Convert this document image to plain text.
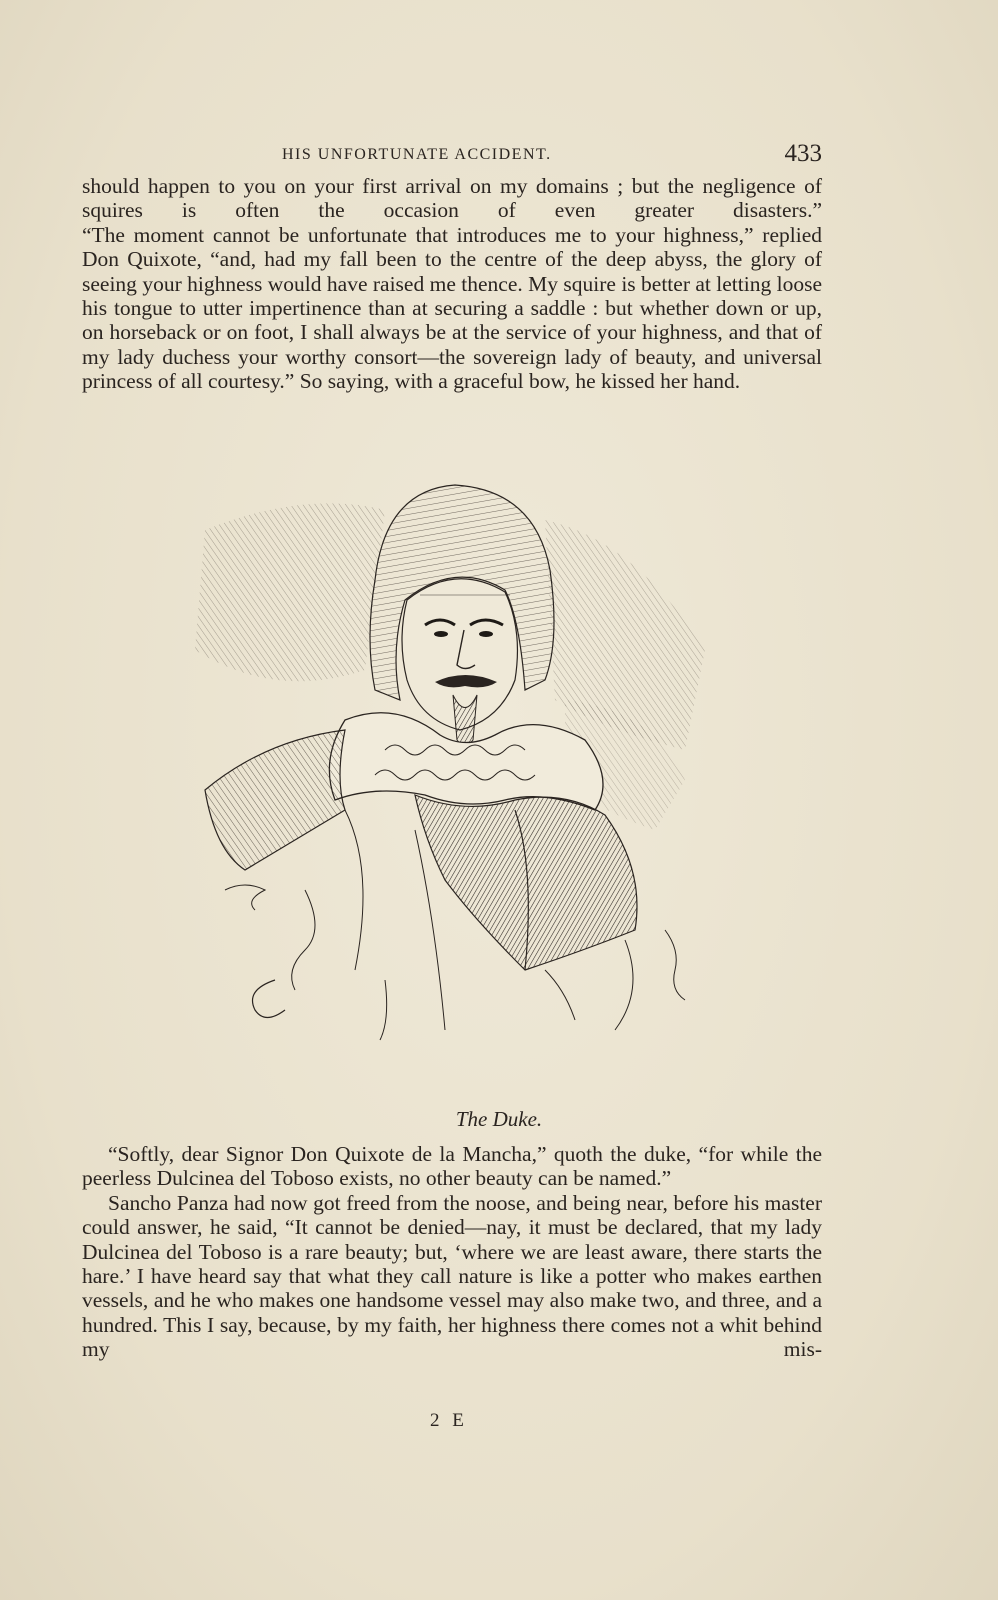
HIS UNFORTUNATE ACCIDENT.	433

should happen to you on your first arrival on my domains ; but the negligence of squires is often the occasion of even greater disasters.”

“The moment cannot be unfortunate that introduces me to your highness,” replied Don Quixote, “and, had my fall been to the centre of the deep abyss, the glory of seeing your highness would have raised me thence. My squire is better at letting loose his tongue to utter impertinence than at securing a saddle : but whether down or up, on horseback or on foot, I shall always be at the service of your highness, and that of my lady duchess your worthy consort—the sovereign lady of beauty, and universal princess of all courtesy.” So saying, with a graceful bow, he kissed her hand.

The Duke.

“Softly, dear Signor Don Quixote de la Mancha,” quoth the duke, “for while the peerless Dulcinea del Toboso exists, no other beauty can be named.”

Sancho Panza had now got freed from the noose, and being near, before his master could answer, he said, “It cannot be denied—nay, it must be declared, that my lady Dulcinea del Toboso is a rare beauty; but, ‘where we are least aware, there starts the hare.’ I have heard say that what they call nature is like a potter who makes earthen vessels, and he who makes one handsome vessel may also make two, and three, and a hundred. This I say, because, by my faith, her highness there comes not a whit behind my mis-

2 E
